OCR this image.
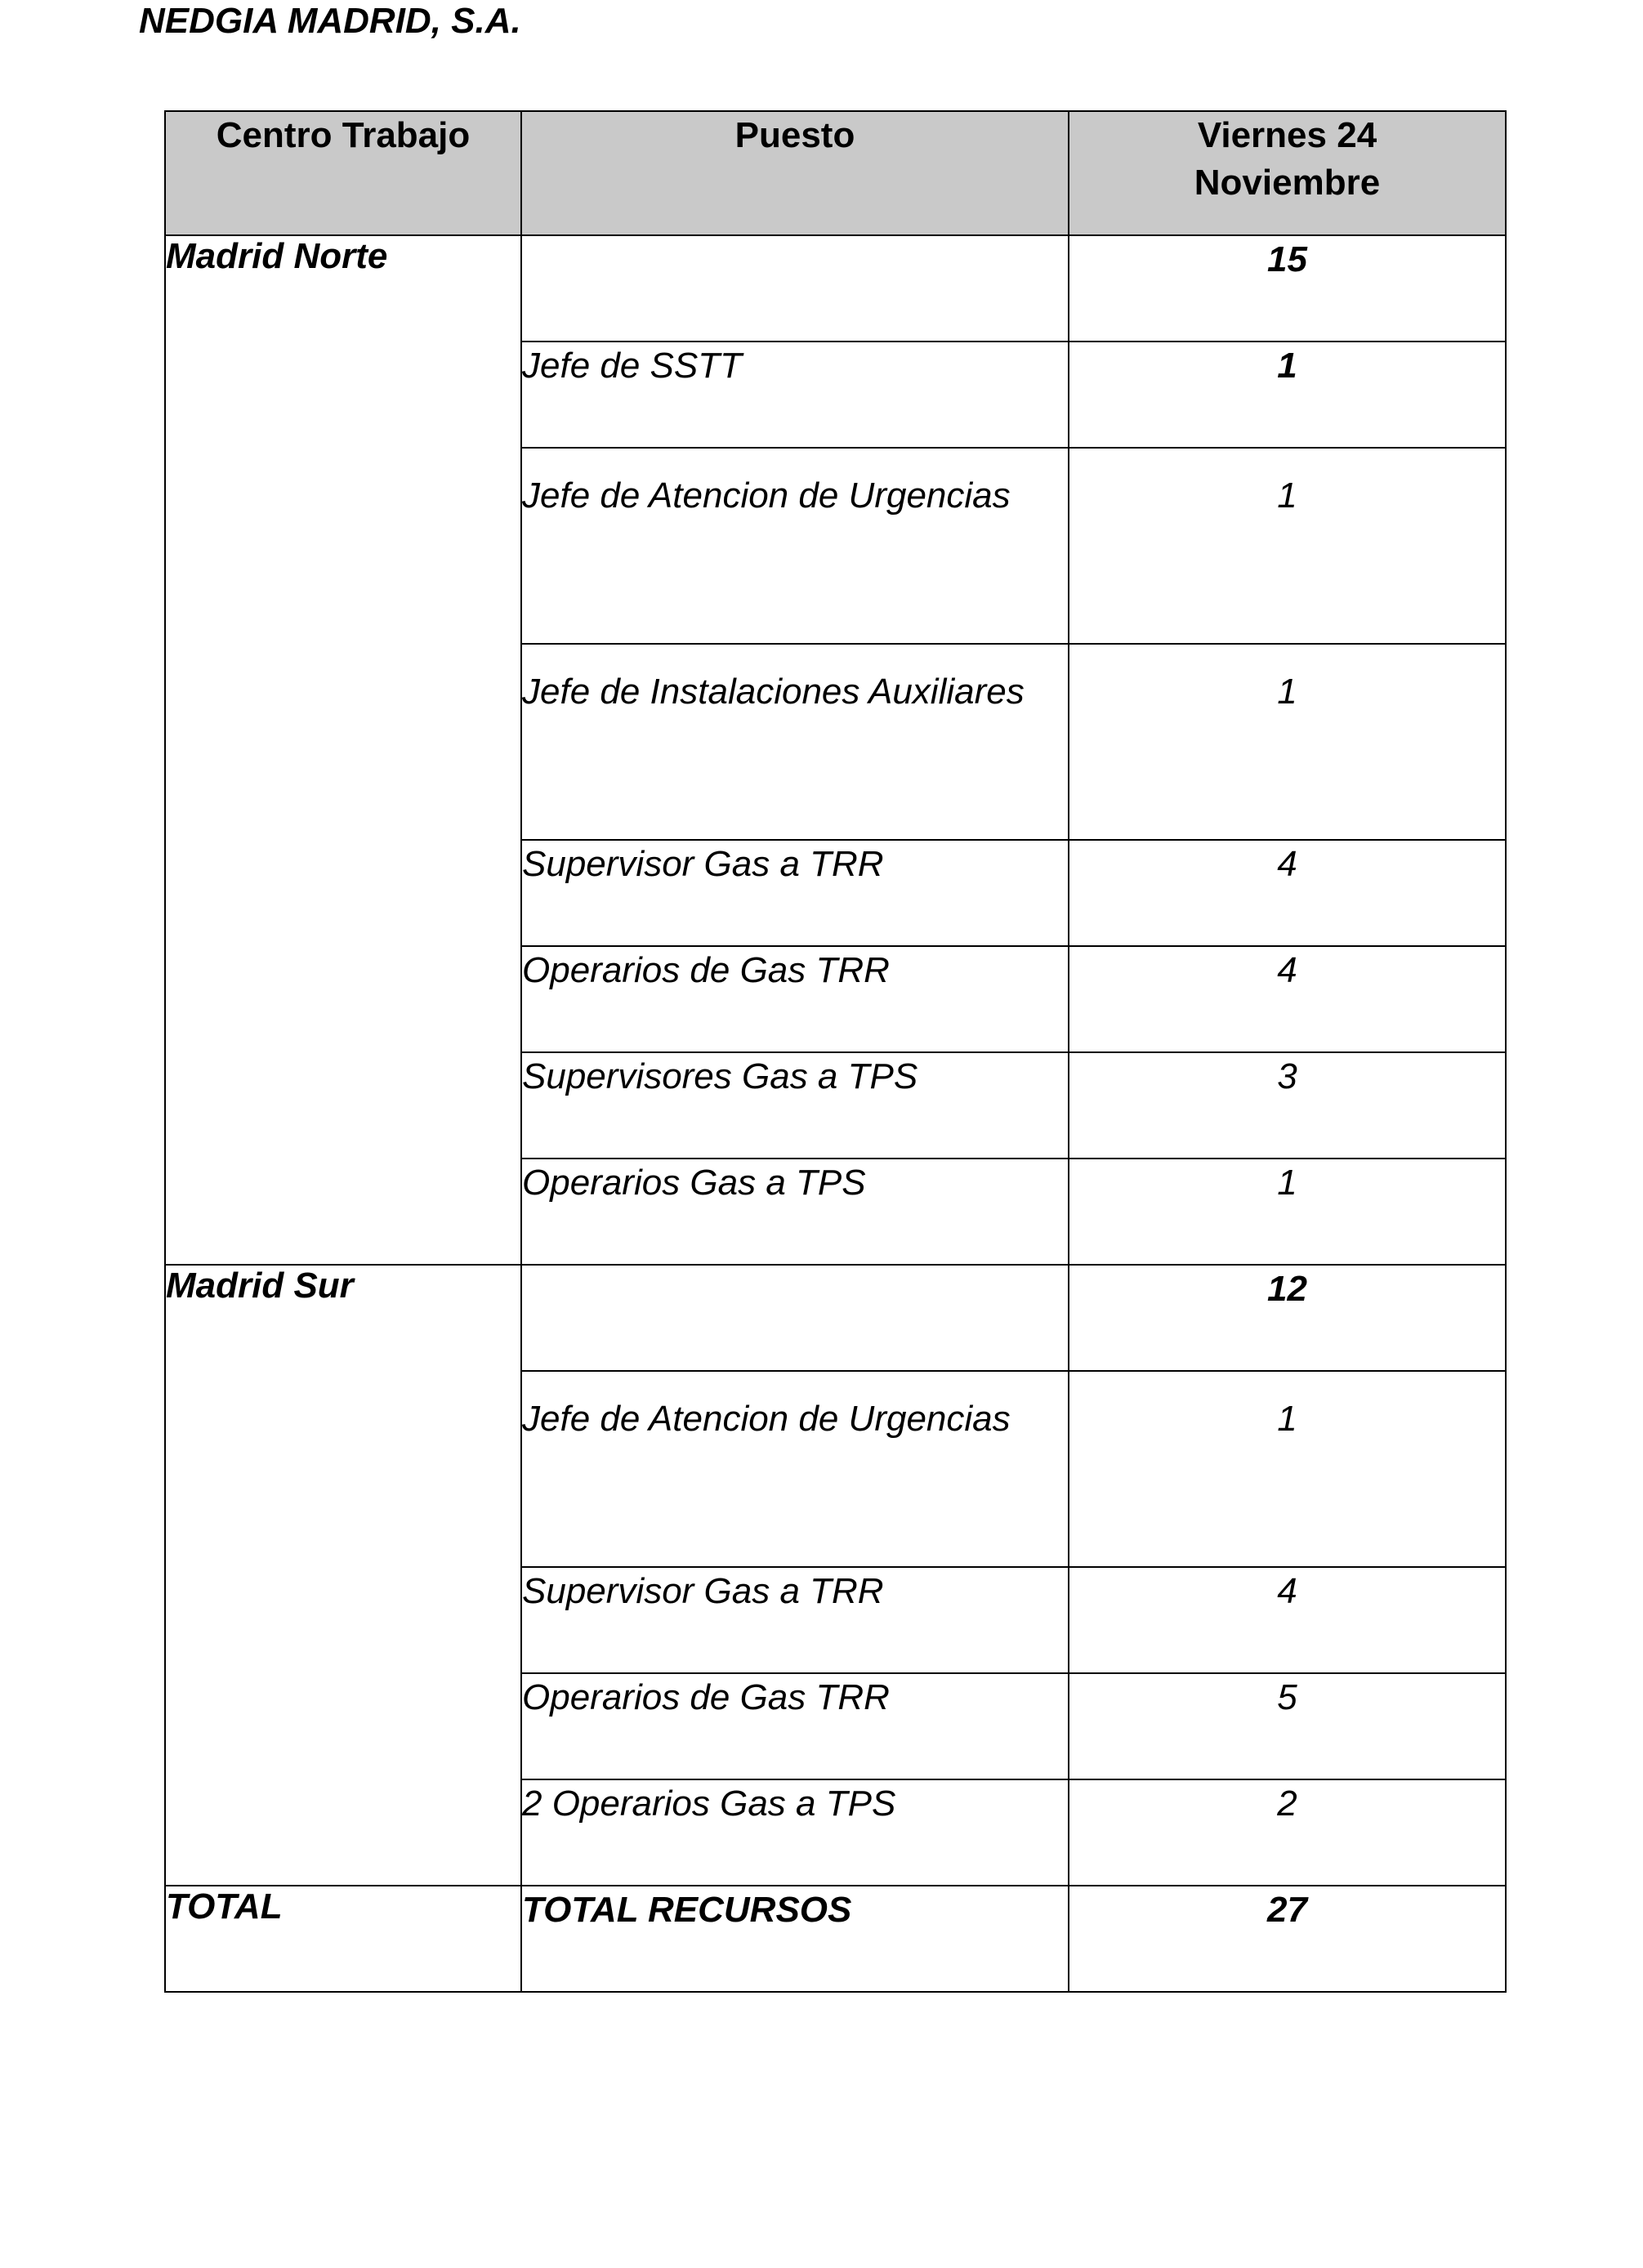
NEDGIA MADRID, S.A.
Centro Trabajo	Puesto	Viernes 24 Noviembre
Madrid Norte		15
	Jefe de SSTT	1
	Jefe de Atencion de Urgencias	1
	Jefe de Instalaciones Auxiliares	1
	Supervisor Gas a TRR	4
	Operarios de Gas TRR	4
	Supervisores Gas a TPS	3
	Operarios Gas a TPS	1
Madrid Sur		12
	Jefe de Atencion de Urgencias	1
	Supervisor Gas a TRR	4
	Operarios de Gas TRR	5
	2 Operarios Gas a TPS	2
TOTAL	TOTAL RECURSOS	27
